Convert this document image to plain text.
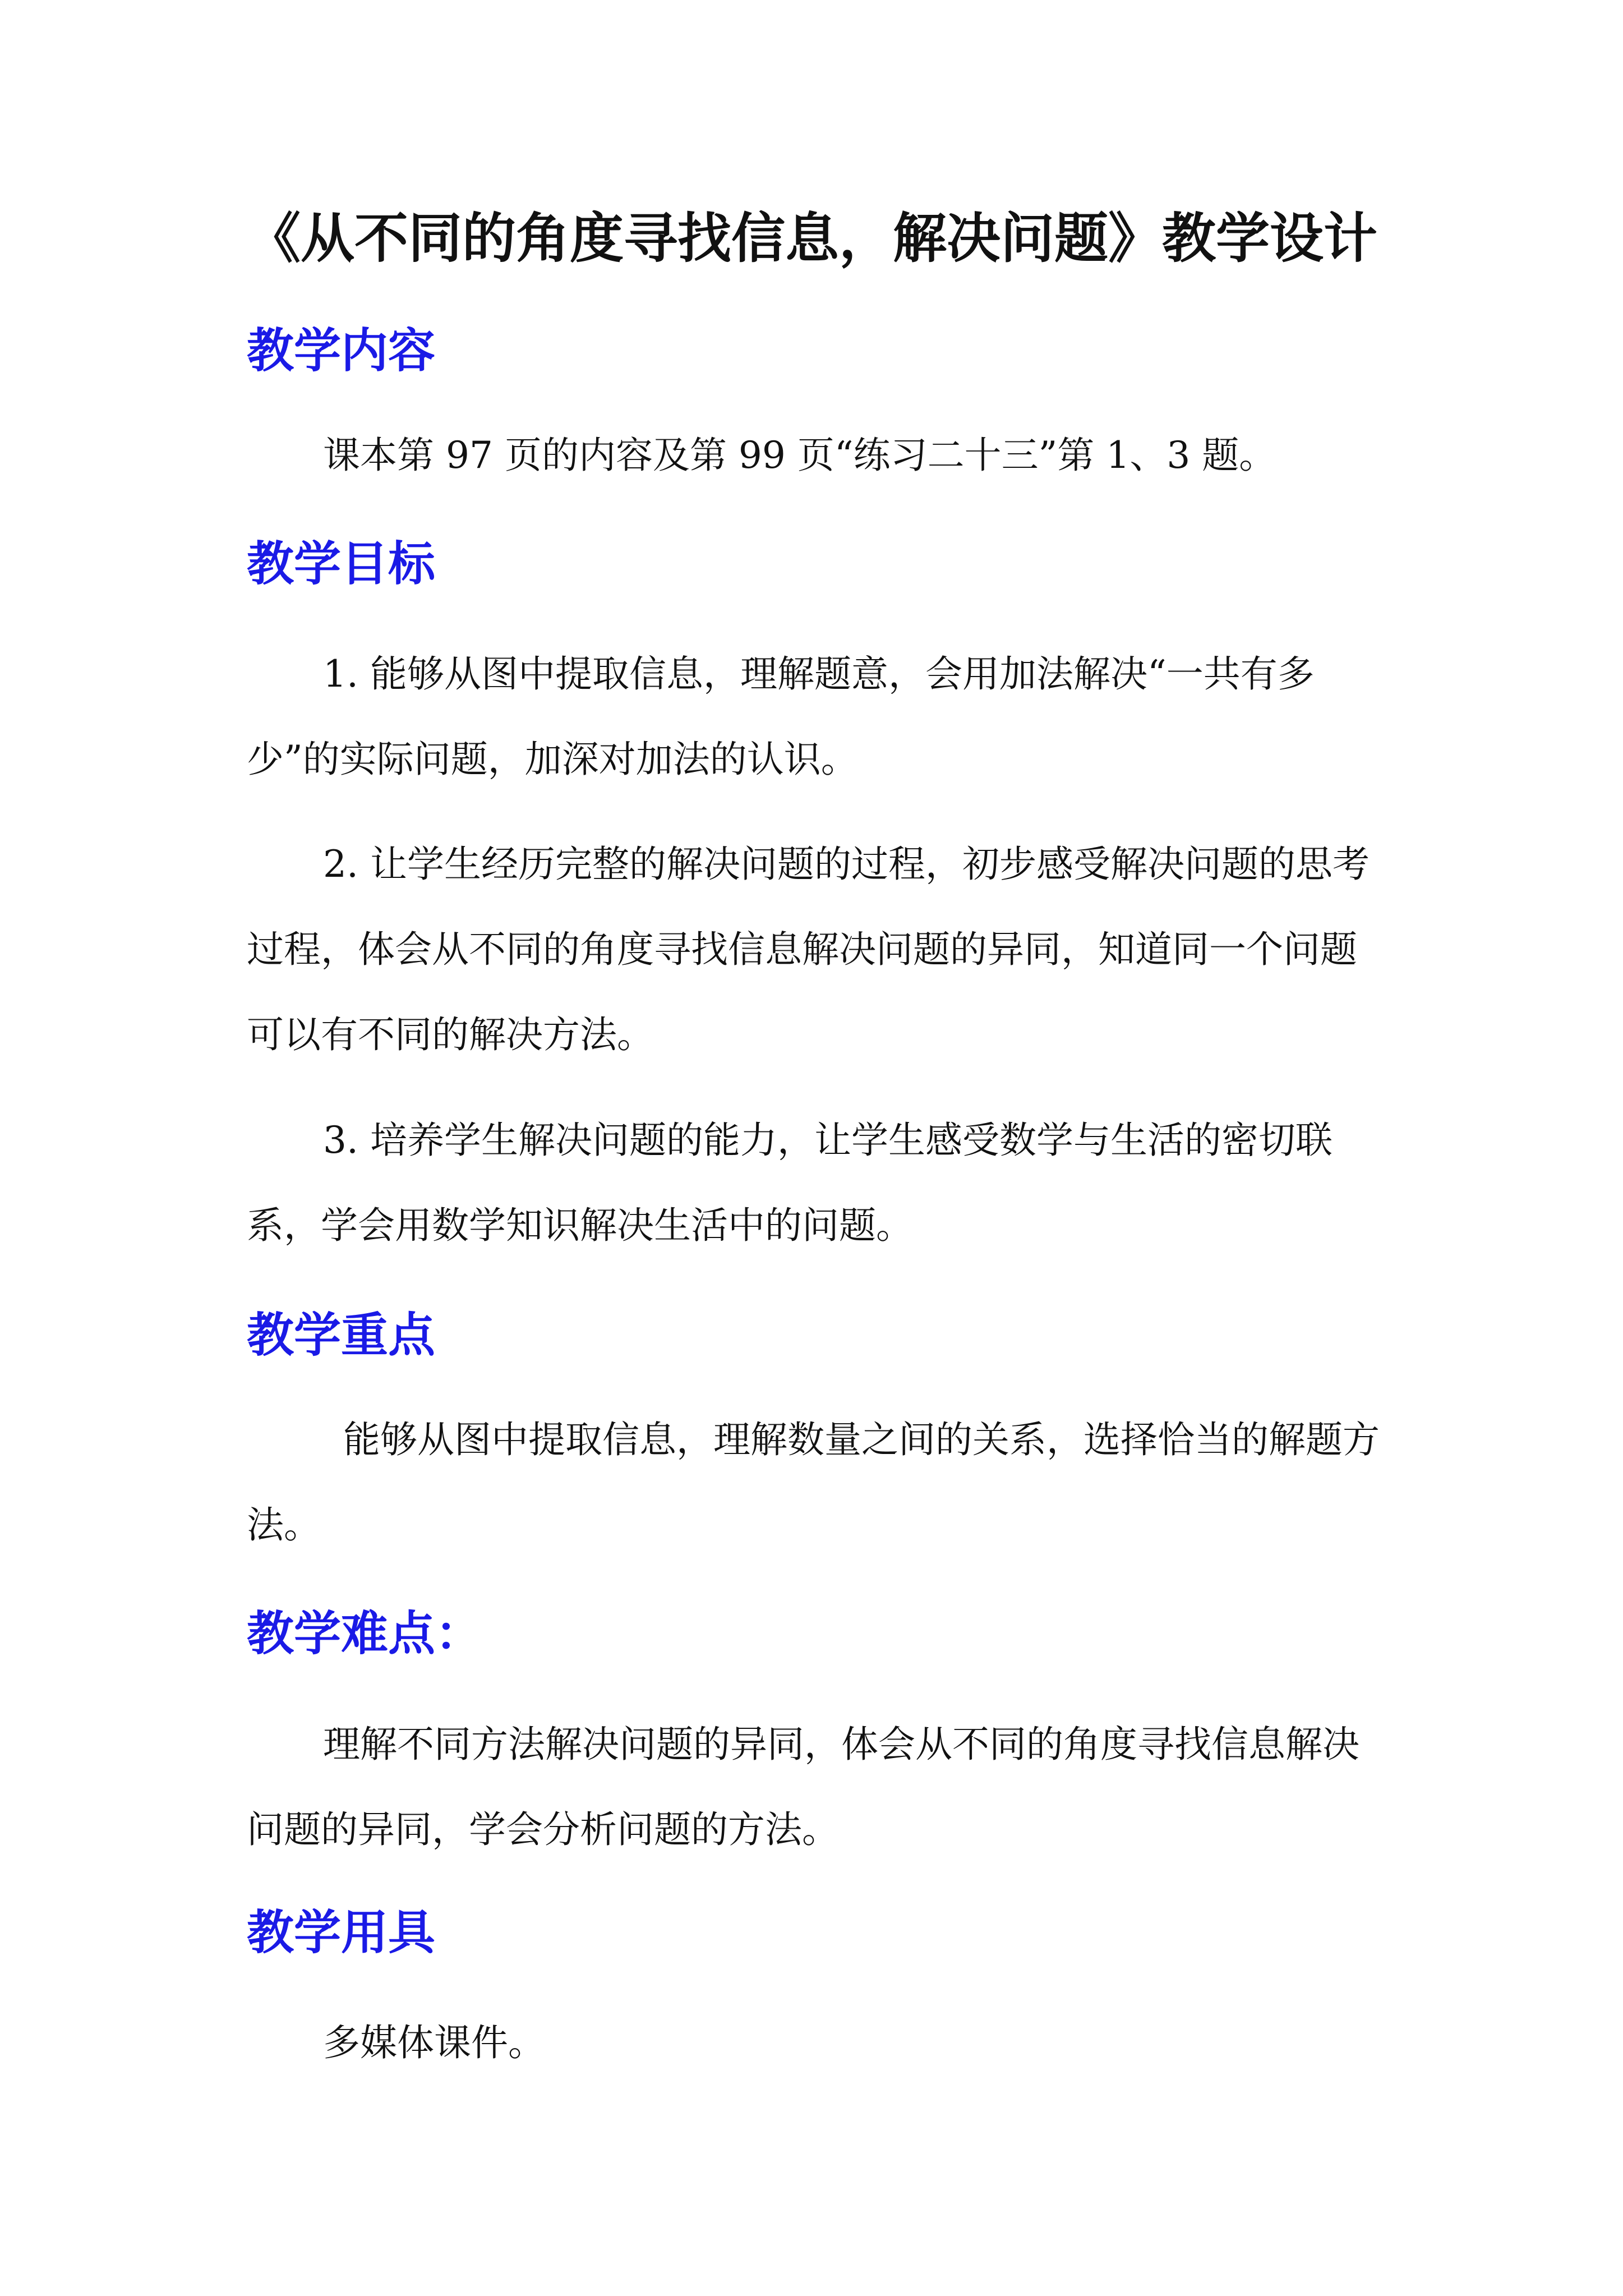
《从不同的角度寻找信息，解决问题》教学设计
教学内容

课本第 97 页的内容及第 99 页“练习二十三”第 1、3 题。

教学目标

1. 能够从图中提取信息，理解题意，会用加法解决“一共有多少”的实际问题，加深对加法的认识。

2. 让学生经历完整的解决问题的过程，初步感受解决问题的思考过程，体会从不同的角度寻找信息解决问题的异同，知道同一个问题可以有不同的解决方法。

3. 培养学生解决问题的能力，让学生感受数学与生活的密切联系，学会用数学知识解决生活中的问题。

教学重点

能够从图中提取信息，理解数量之间的关系，选择恰当的解题方法。

教学难点：

理解不同方法解决问题的异同，体会从不同的角度寻找信息解决问题的异同，学会分析问题的方法。

教学用具

多媒体课件。
